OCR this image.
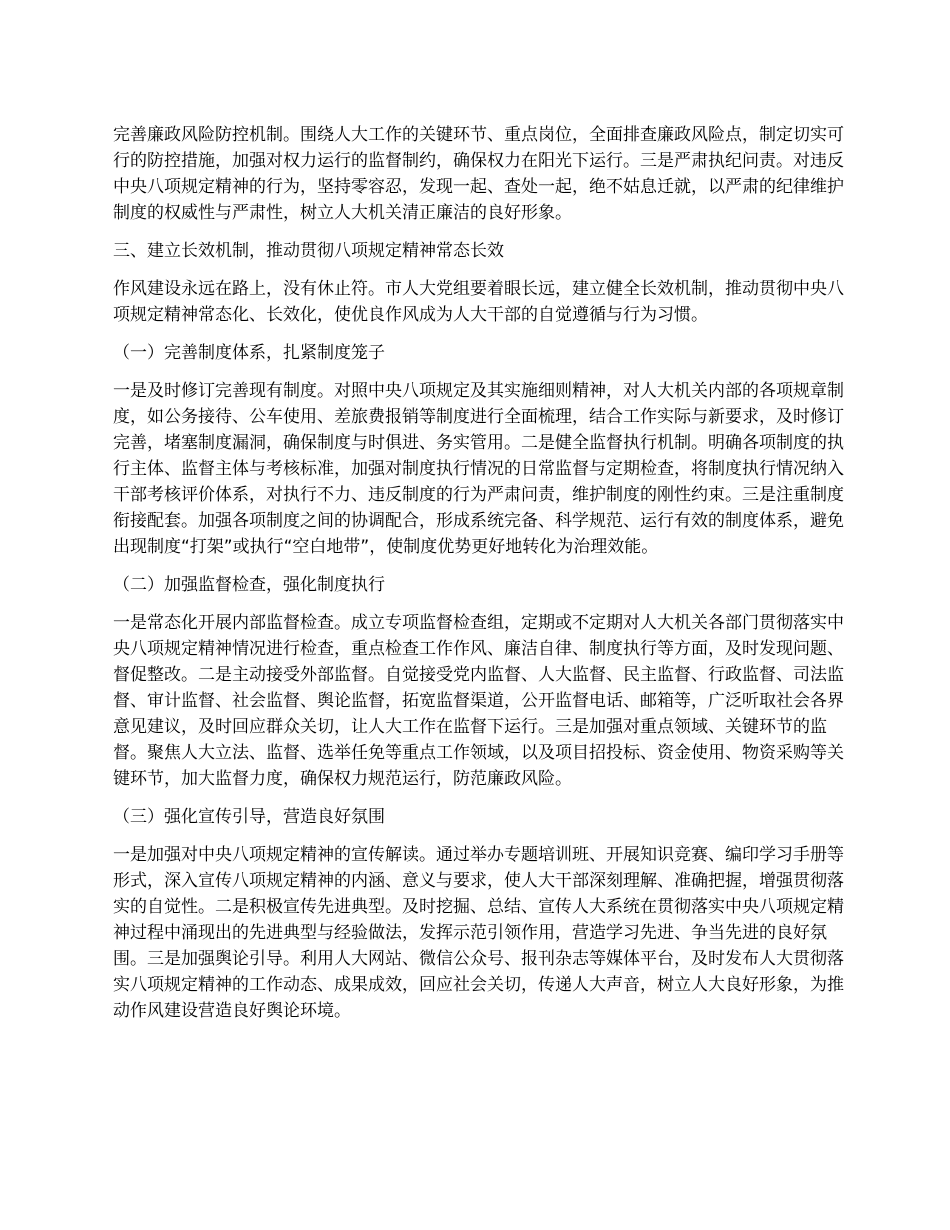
完善廉政风险防控机制。围绕人大工作的关键环节、重点岗位，全面排查廉政风险点，制定切实可行的防控措施，加强对权力运行的监督制约，确保权力在阳光下运行。三是严肃执纪问责。对违反中央八项规定精神的行为，坚持零容忍，发现一起、查处一起，绝不姑息迁就，以严肃的纪律维护制度的权威性与严肃性，树立人大机关清正廉洁的良好形象。

三、建立长效机制，推动贯彻八项规定精神常态长效

作风建设永远在路上，没有休止符。市人大党组要着眼长远，建立健全长效机制，推动贯彻中央八项规定精神常态化、长效化，使优良作风成为人大干部的自觉遵循与行为习惯。

（一）完善制度体系，扎紧制度笼子

一是及时修订完善现有制度。对照中央八项规定及其实施细则精神，对人大机关内部的各项规章制度，如公务接待、公车使用、差旅费报销等制度进行全面梳理，结合工作实际与新要求，及时修订完善，堵塞制度漏洞，确保制度与时俱进、务实管用。二是健全监督执行机制。明确各项制度的执行主体、监督主体与考核标准，加强对制度执行情况的日常监督与定期检查，将制度执行情况纳入干部考核评价体系，对执行不力、违反制度的行为严肃问责，维护制度的刚性约束。三是注重制度衔接配套。加强各项制度之间的协调配合，形成系统完备、科学规范、运行有效的制度体系，避免出现制度“打架”或执行“空白地带”，使制度优势更好地转化为治理效能。

（二）加强监督检查，强化制度执行

一是常态化开展内部监督检查。成立专项监督检查组，定期或不定期对人大机关各部门贯彻落实中央八项规定精神情况进行检查，重点检查工作作风、廉洁自律、制度执行等方面，及时发现问题、督促整改。二是主动接受外部监督。自觉接受党内监督、人大监督、民主监督、行政监督、司法监督、审计监督、社会监督、舆论监督，拓宽监督渠道，公开监督电话、邮箱等，广泛听取社会各界意见建议，及时回应群众关切，让人大工作在监督下运行。三是加强对重点领域、关键环节的监督。聚焦人大立法、监督、选举任免等重点工作领域，以及项目招投标、资金使用、物资采购等关键环节，加大监督力度，确保权力规范运行，防范廉政风险。

（三）强化宣传引导，营造良好氛围

一是加强对中央八项规定精神的宣传解读。通过举办专题培训班、开展知识竞赛、编印学习手册等形式，深入宣传八项规定精神的内涵、意义与要求，使人大干部深刻理解、准确把握，增强贯彻落实的自觉性。二是积极宣传先进典型。及时挖掘、总结、宣传人大系统在贯彻落实中央八项规定精神过程中涌现出的先进典型与经验做法，发挥示范引领作用，营造学习先进、争当先进的良好氛围。三是加强舆论引导。利用人大网站、微信公众号、报刊杂志等媒体平台，及时发布人大贯彻落实八项规定精神的工作动态、成果成效，回应社会关切，传递人大声音，树立人大良好形象，为推动作风建设营造良好舆论环境。
